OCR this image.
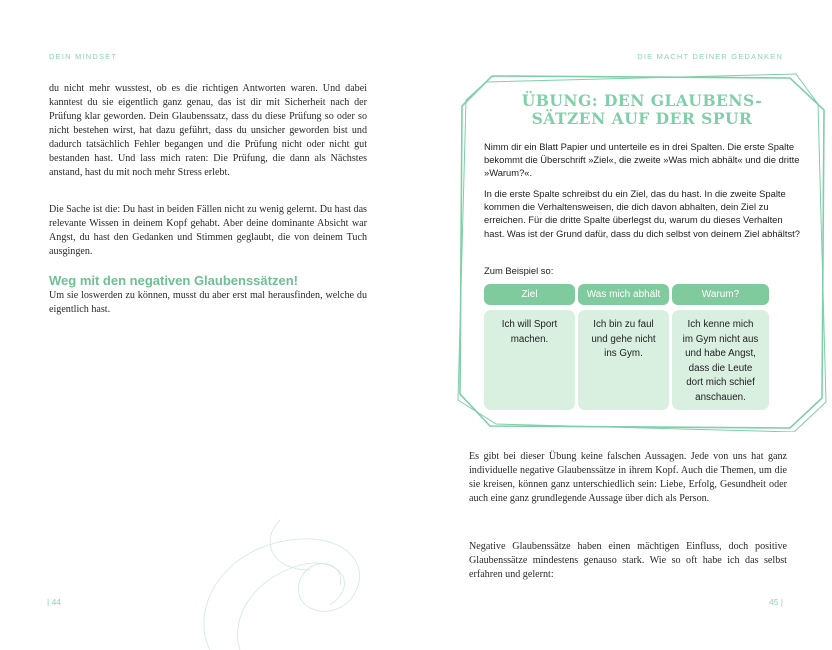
DEIN MINDSET

du nicht mehr wusstest, ob es die richtigen Antworten waren. Und dabei kanntest du sie eigentlich ganz genau, das ist dir mit Sicherheit nach der Prüfung klar geworden. Dein Glaubenssatz, dass du diese Prüfung so oder so nicht bestehen wirst, hat dazu geführt, dass du unsicher geworden bist und dadurch tatsächlich Fehler begangen und die Prüfung nicht oder nicht gut bestanden hast. Und lass mich raten: Die Prüfung, die dann als Nächstes anstand, hast du mit noch mehr Stress erlebt.

Die Sache ist die: Du hast in beiden Fällen nicht zu wenig gelernt. Du hast das relevante Wissen in deinem Kopf gehabt. Aber deine dominante Absicht war Angst, du hast den Gedanken und Stimmen geglaubt, die von deinem Tuch ausgingen.

Weg mit den negativen Glaubenssätzen!

Um sie loswerden zu können, musst du aber erst mal herausfinden, welche du eigentlich hast.

| 44
DIE MACHT DEINER GEDANKEN
ÜBUNG: DEN GLAUBENS-
SÄTZEN AUF DER SPUR

Nimm dir ein Blatt Papier und unterteile es in drei Spalten. Die erste Spalte bekommt die Überschrift »Ziel«, die zweite »Was mich abhält« und die dritte »Warum?«.

In die erste Spalte schreibst du ein Ziel, das du hast. In die zweite Spalte kommen die Verhaltensweisen, die dich davon abhalten, dein Ziel zu erreichen. Für die dritte Spalte überlegst du, warum du dieses Verhalten hast. Was ist der Grund dafür, dass du dich selbst von deinem Ziel abhältst?

Zum Beispiel so:

Ziel	Was mich abhält	Warum?
Ich will Sport
machen.
Ich bin zu faul
und gehe nicht
ins Gym.
Ich kenne mich
im Gym nicht aus
und habe Angst,
dass die Leute
dort mich schief
anschauen.

Es gibt bei dieser Übung keine falschen Aussagen. Jede von uns hat ganz individuelle negative Glaubenssätze in ihrem Kopf. Auch die Themen, um die sie kreisen, können ganz unterschiedlich sein: Liebe, Erfolg, Gesundheit oder auch eine ganz grundlegende Aussage über dich als Person.

Negative Glaubenssätze haben einen mächtigen Einfluss, doch positive Glaubenssätze mindestens genauso stark. Wie so oft habe ich das selbst erfahren und gelernt:

45 |
